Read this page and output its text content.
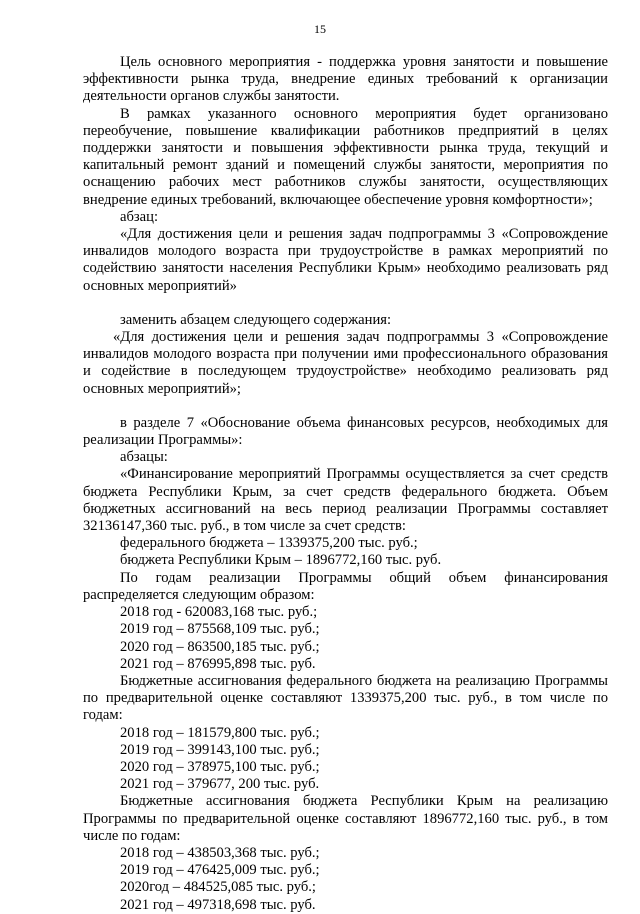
15

Цель основного мероприятия - поддержка уровня занятости и повышение эффективности рынка труда, внедрение единых требований к организации деятельности органов службы занятости.

В рамках указанного основного мероприятия будет организовано переобучение, повышение квалификации работников предприятий в целях поддержки занятости и повышения эффективности рынка труда, текущий и капитальный ремонт зданий и помещений службы занятости, мероприятия по оснащению рабочих мест работников службы занятости, осуществляющих внедрение единых требований, включающее обеспечение уровня комфортности»;

абзац:

«Для достижения цели и решения задач подпрограммы 3 «Сопровождение инвалидов молодого возраста при трудоустройстве в рамках мероприятий по содействию занятости населения Республики Крым» необходимо реализовать ряд основных мероприятий»

заменить абзацем следующего содержания:

«Для достижения цели и решения задач подпрограммы 3 «Сопровождение инвалидов молодого возраста при получении ими профессионального образования и содействие в последующем трудоустройстве» необходимо реализовать ряд основных мероприятий»;

в разделе 7 «Обоснование объема финансовых ресурсов, необходимых для реализации Программы»:

абзацы:

«Финансирование мероприятий Программы осуществляется за счет средств бюджета Республики Крым, за счет средств федерального бюджета. Объем бюджетных ассигнований на весь период реализации Программы составляет 32136147,360 тыс. руб., в том числе за счет средств:

федерального бюджета – 1339375,200 тыс. руб.;

бюджета Республики Крым – 1896772,160 тыс. руб.

По годам реализации Программы общий объем финансирования распределяется следующим образом:

2018 год - 620083,168 тыс. руб.;
2019 год – 875568,109 тыс. руб.;
2020 год – 863500,185 тыс. руб.;
2021 год – 876995,898 тыс. руб.

Бюджетные ассигнования федерального бюджета на реализацию Программы по предварительной оценке составляют 1339375,200 тыс. руб., в том числе по годам:

2018 год – 181579,800 тыс. руб.;
2019 год – 399143,100 тыс. руб.;
2020 год – 378975,100 тыс. руб.;
2021 год – 379677, 200 тыс. руб.

Бюджетные ассигнования бюджета Республики Крым на реализацию Программы по предварительной оценке составляют 1896772,160 тыс. руб., в том числе по годам:

2018 год – 438503,368 тыс. руб.;
2019 год – 476425,009 тыс. руб.;
2020год – 484525,085 тыс. руб.;
2021 год – 497318,698 тыс. руб.
